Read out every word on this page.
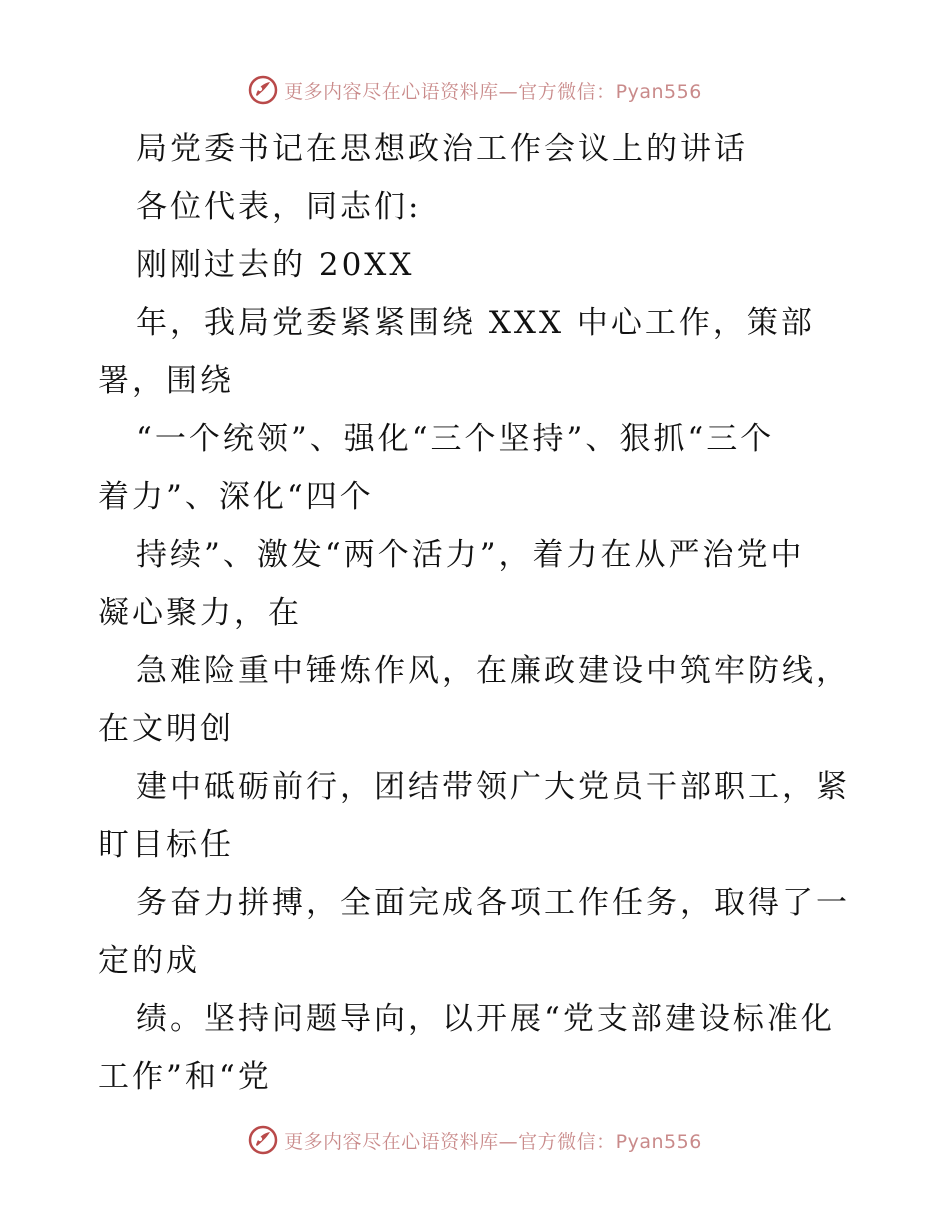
更多内容尽在心语资料库—官方微信：Pyan556
局党委书记在思想政治工作会议上的讲话
各位代表，同志们:
刚刚过去的 20XX
年，我局党委紧紧围绕 XXX 中心工作，策部
署，围绕
“一个统领”、强化“三个坚持”、狠抓“三个
着力”、深化“四个
持续”、激发“两个活力”，着力在从严治党中
凝心聚力，在
急难险重中锤炼作风，在廉政建设中筑牢防线，
在文明创
建中砥砺前行，团结带领广大党员干部职工，紧
盯目标任
务奋力拼搏，全面完成各项工作任务，取得了一
定的成
绩。坚持问题导向，以开展“党支部建设标准化
工作”和“党
更多内容尽在心语资料库—官方微信：Pyan556
